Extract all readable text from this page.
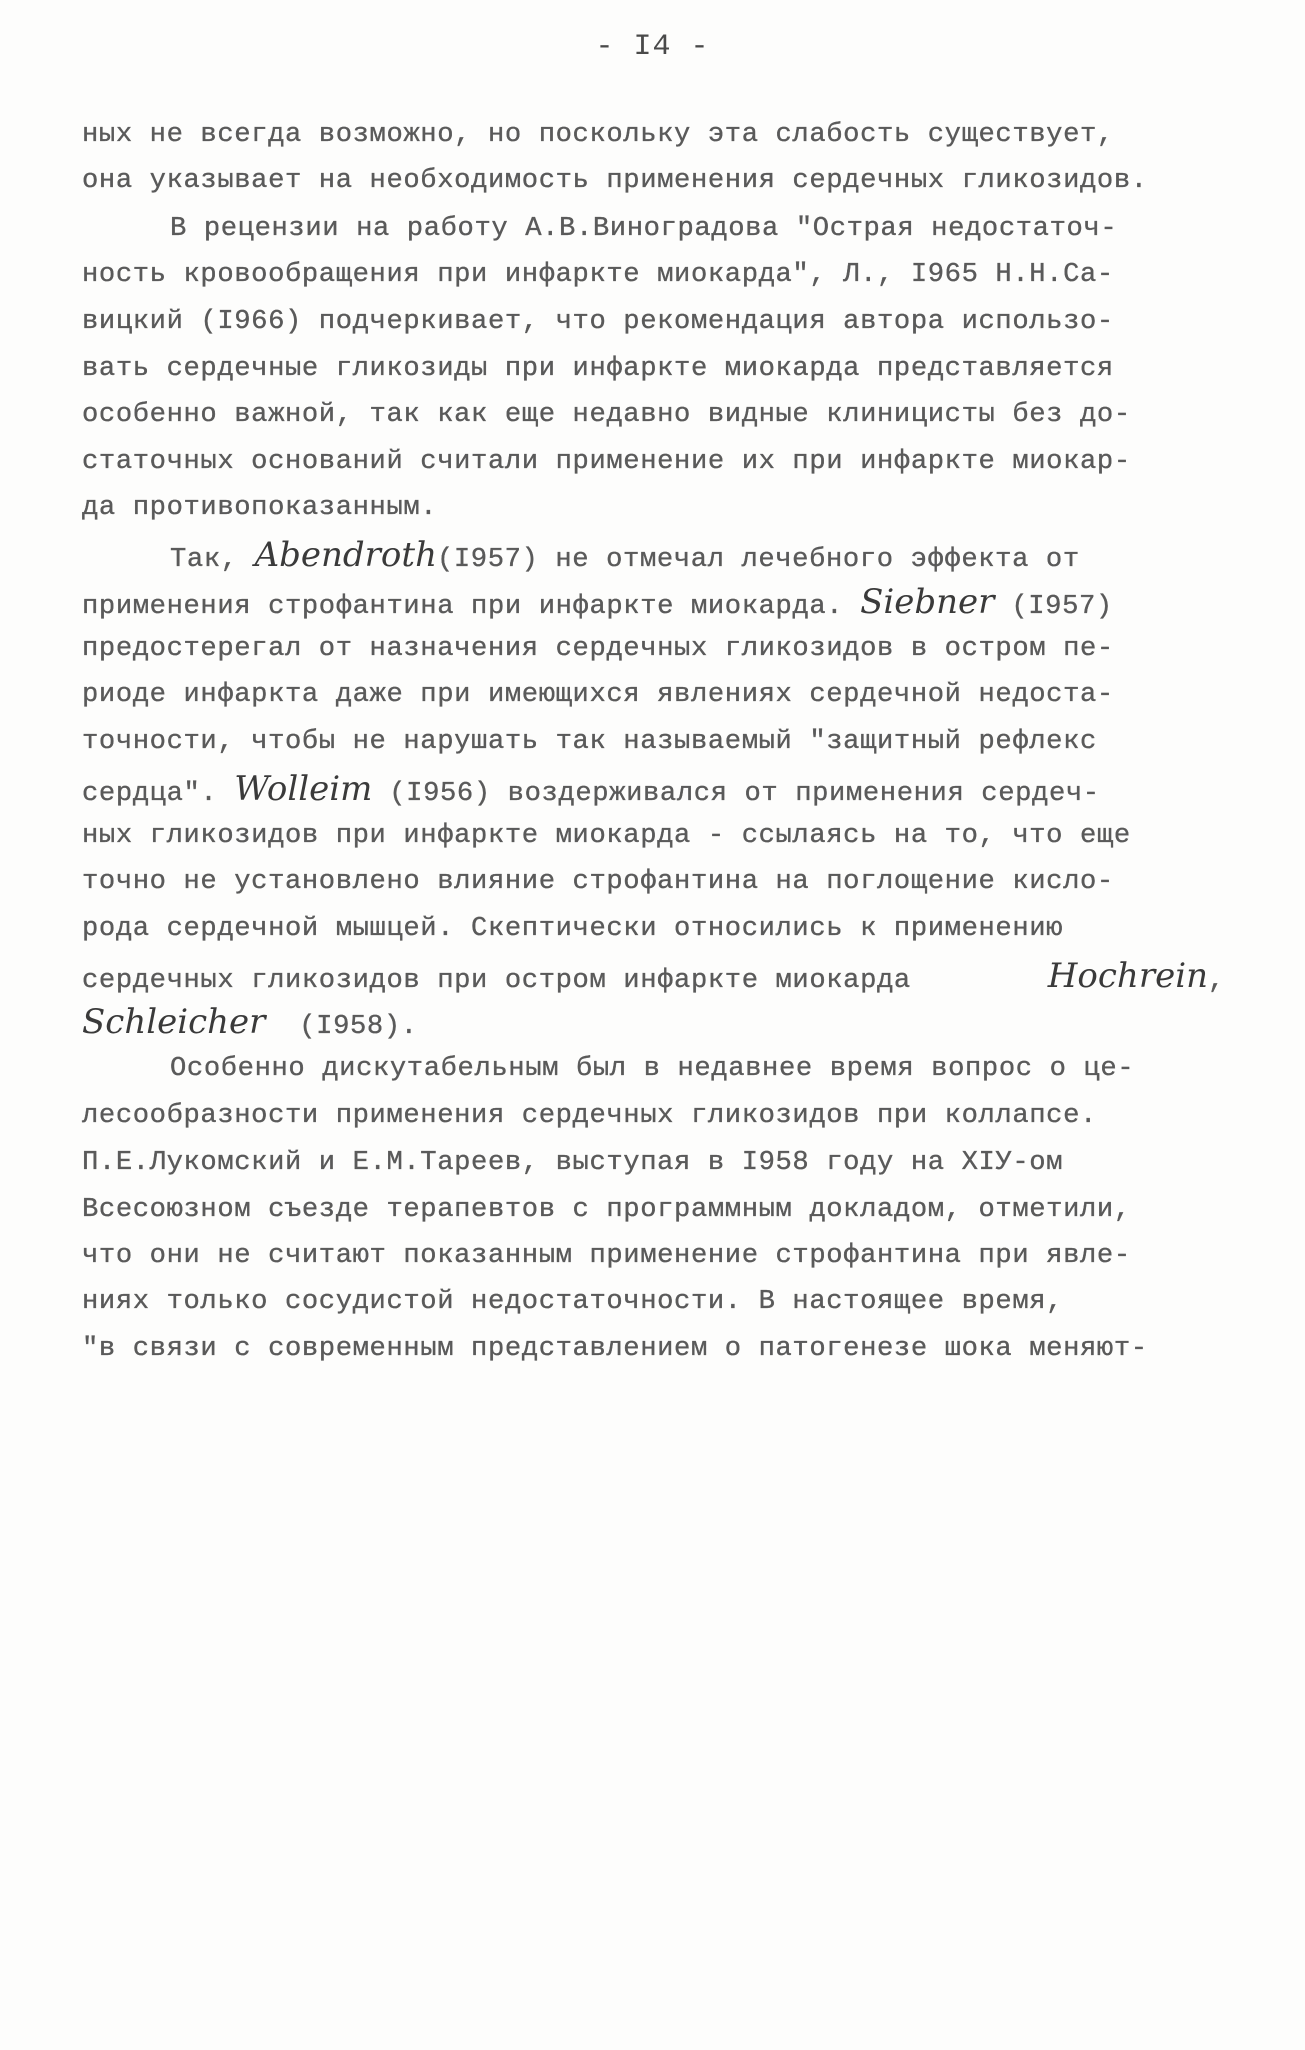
- I4 -
ных не всегда возможно, но поскольку эта слабость существует,
она указывает на необходимость применения сердечных гликозидов.
В рецензии на работу А.В.Виноградова "Острая недостаточ-
ность кровообращения при инфаркте миокарда", Л., I965 Н.Н.Са-
вицкий (I966) подчеркивает, что рекомендация автора использо-
вать сердечные гликозиды при инфаркте миокарда представляется
особенно важной, так как еще недавно видные клиницисты без до-
статочных оснований считали применение их при инфаркте миокар-
да противопоказанным.
Так, Abendroth(I957) не отмечал лечебного эффекта от
применения строфантина при инфаркте миокарда. Siebner (I957)
предостерегал от назначения сердечных гликозидов в остром пе-
риоде инфаркта даже при имеющихся явлениях сердечной недоста-
точности, чтобы не нарушать так называемый "защитный рефлекс
сердца". Wolleim (I956) воздерживался от применения сердеч-
ных гликозидов при инфаркте миокарда - ссылаясь на то, что еще
точно не установлено влияние строфантина на поглощение кисло-
рода сердечной мышцей. Скептически относились к применению
сердечных гликозидов при остром инфаркте миокарда	Hochrein,
Schleicher  (I958).
Особенно дискутабельным был в недавнее время вопрос о це-
лесообразности применения сердечных гликозидов при коллапсе.
П.Е.Лукомский и Е.М.Тареев, выступая в I958 году на XIУ-ом
Всесоюзном съезде терапевтов с программным докладом, отметили,
что они не считают показанным применение строфантина при явле-
ниях только сосудистой недостаточности. В настоящее время,
"в связи с современным представлением о патогенезе шока меняют-
